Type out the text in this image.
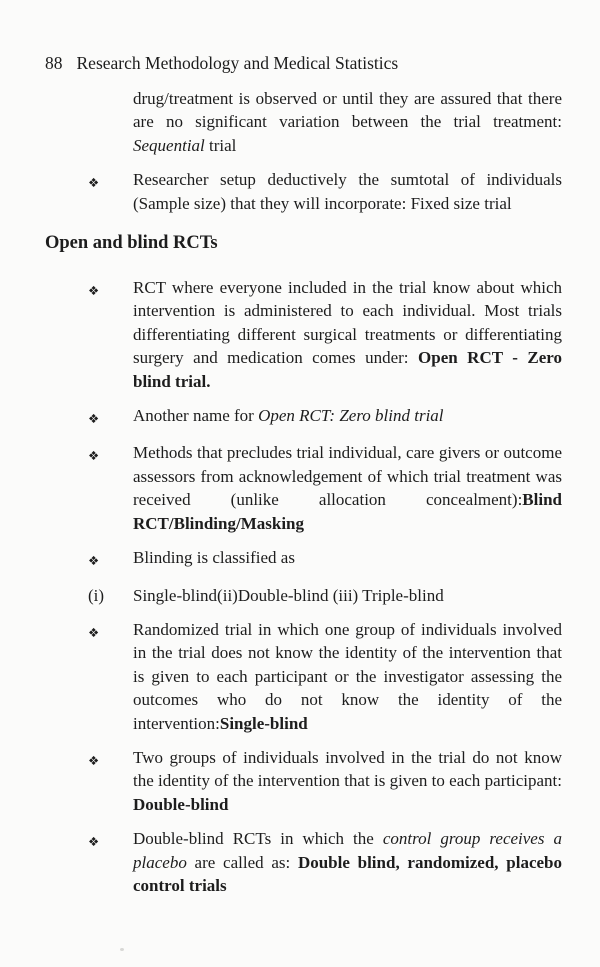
88 Research Methodology and Medical Statistics

drug/treatment is observed or until they are assured that there are no significant variation between the trial treatment: Sequential trial

❖	Researcher setup deductively the sumtotal of individuals (Sample size) that they will incorporate: Fixed size trial

Open and blind RCTs
❖	RCT where everyone included in the trial know about which intervention is administered to each individual. Most trials differentiating different surgical treatments or differentiating surgery and medication comes under: Open RCT - Zero blind trial.

❖	Another name for Open RCT: Zero blind trial

❖	Methods that precludes trial individual, care givers or outcome assessors from acknowledgement of which trial treatment was received (unlike allocation concealment):Blind RCT/Blinding/Masking

❖	Blinding is classified as

(i)	Single-blind(ii)Double-blind (iii) Triple-blind

❖	Randomized trial in which one group of individuals involved in the trial does not know the identity of the intervention that is given to each participant or the investigator assessing the outcomes who do not know the identity of the intervention:Single-blind

❖	Two groups of individuals involved in the trial do not know the identity of the intervention that is given to each participant: Double-blind

❖	Double-blind RCTs in which the control group receives a placebo are called as: Double blind, randomized, placebo control trials
